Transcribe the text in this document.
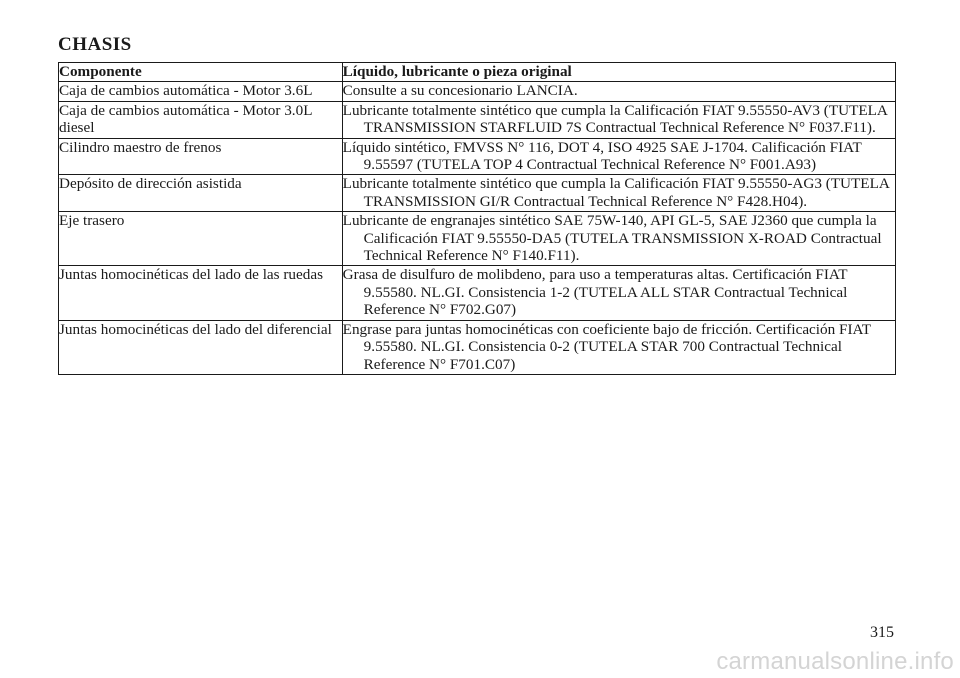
CHASIS
Componente	Líquido, lubricante o pieza original
Caja de cambios automática - Motor 3.6L	Consulte a su concesionario LANCIA.

Caja de cambios automática - Motor 3.0L diesel	Lubricante totalmente sintético que cumpla la Calificación FIAT 9.55550-AV3 (TUTELA TRANSMISSION STARFLUID 7S Contractual Technical Reference N° F037.F11).

Cilindro maestro de frenos	Líquido sintético, FMVSS N° 116, DOT 4, ISO 4925 SAE J-1704. Calificación FIAT 9.55597 (TUTELA TOP 4 Contractual Technical Reference N° F001.A93)

Depósito de dirección asistida	Lubricante totalmente sintético que cumpla la Calificación FIAT 9.55550-AG3 (TUTELA TRANSMISSION GI/R Contractual Technical Reference N° F428.H04).

Eje trasero	Lubricante de engranajes sintético SAE 75W-140, API GL-5, SAE J2360 que cumpla la Calificación FIAT 9.55550-DA5 (TUTELA TRANSMISSION X-ROAD Contractual Technical Reference N° F140.F11).

Juntas homocinéticas del lado de las ruedas	Grasa de disulfuro de molibdeno, para uso a temperaturas altas. Certificación FIAT 9.55580. NL.GI. Consistencia 1-2 (TUTELA ALL STAR Contractual Technical Reference N° F702.G07)

Juntas homocinéticas del lado del diferencial	Engrase para juntas homocinéticas con coeficiente bajo de fricción. Certificación FIAT 9.55580. NL.GI. Consistencia 0-2 (TUTELA STAR 700 Contractual Technical Reference N° F701.C07)
315
carmanualsonline.info
